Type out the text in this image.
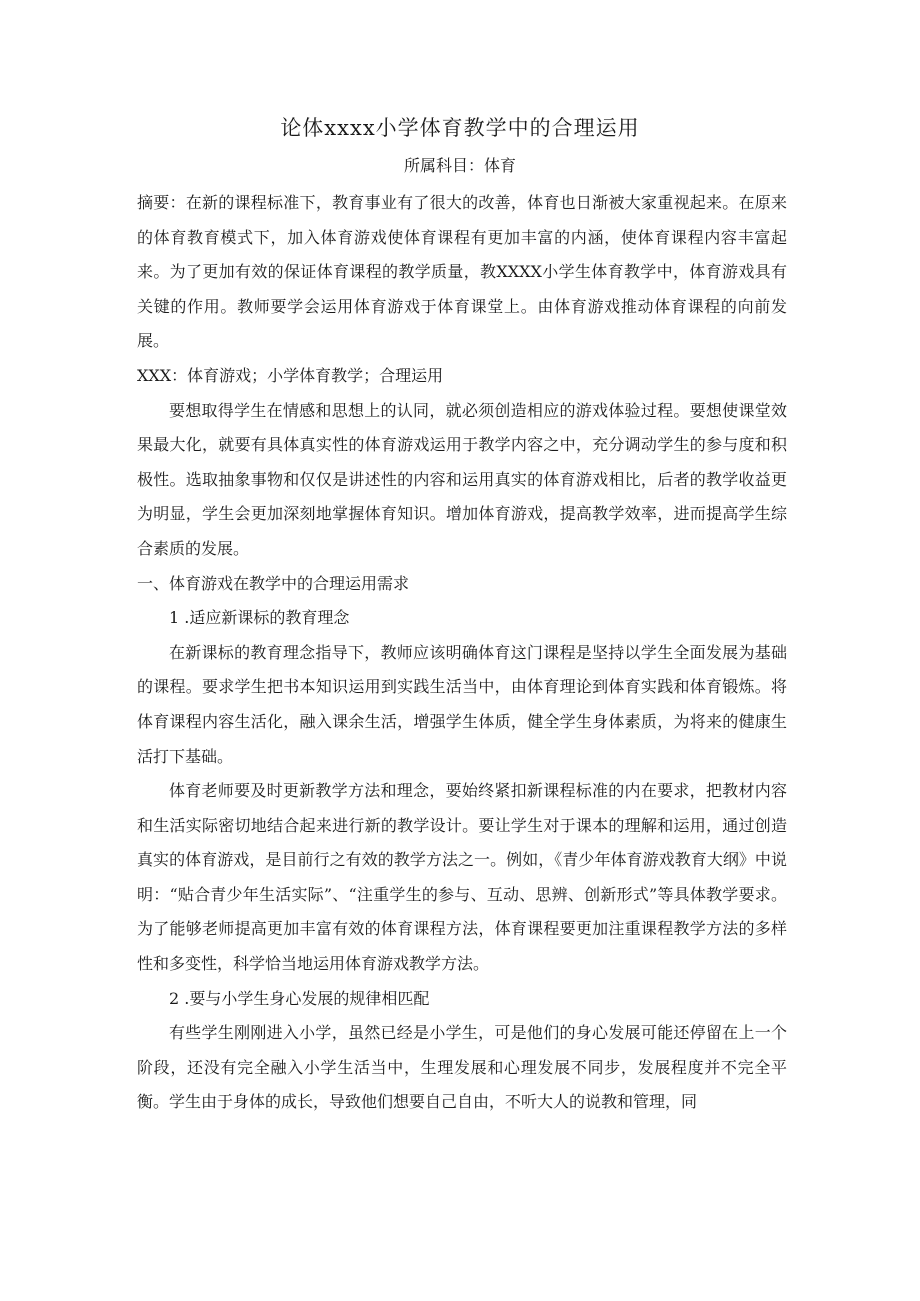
论体xxxx小学体育教学中的合理运用
所属科目：体育

摘要：在新的课程标准下，教育事业有了很大的改善，体育也日渐被大家重视起来。在原来的体育教育模式下，加入体育游戏使体育课程有更加丰富的内涵，使体育课程内容丰富起来。为了更加有效的保证体育课程的教学质量，教XXXX小学生体育教学中，体育游戏具有关键的作用。教师要学会运用体育游戏于体育课堂上。由体育游戏推动体育课程的向前发展。

XXX：体育游戏；小学体育教学；合理运用

要想取得学生在情感和思想上的认同，就必须创造相应的游戏体验过程。要想使课堂效果最大化，就要有具体真实性的体育游戏运用于教学内容之中，充分调动学生的参与度和积极性。选取抽象事物和仅仅是讲述性的内容和运用真实的体育游戏相比，后者的教学收益更为明显，学生会更加深刻地掌握体育知识。增加体育游戏，提高教学效率，进而提高学生综合素质的发展。

一、体育游戏在教学中的合理运用需求

1 .适应新课标的教育理念

在新课标的教育理念指导下，教师应该明确体育这门课程是坚持以学生全面发展为基础的课程。要求学生把书本知识运用到实践生活当中，由体育理论到体育实践和体育锻炼。将体育课程内容生活化，融入课余生活，增强学生体质，健全学生身体素质，为将来的健康生活打下基础。

体育老师要及时更新教学方法和理念，要始终紧扣新课程标准的内在要求，把教材内容和生活实际密切地结合起来进行新的教学设计。要让学生对于课本的理解和运用，通过创造真实的体育游戏，是目前行之有效的教学方法之一。例如，《青少年体育游戏教育大纲》中说明：“贴合青少年生活实际”、“注重学生的参与、互动、思辨、创新形式”等具体教学要求。为了能够老师提高更加丰富有效的体育课程方法，体育课程要更加注重课程教学方法的多样性和多变性，科学恰当地运用体育游戏教学方法。

2 .要与小学生身心发展的规律相匹配

有些学生刚刚进入小学，虽然已经是小学生，可是他们的身心发展可能还停留在上一个阶段，还没有完全融入小学生活当中，生理发展和心理发展不同步，发展程度并不完全平衡。学生由于身体的成长，导致他们想要自己自由，不听大人的说教和管理，同
